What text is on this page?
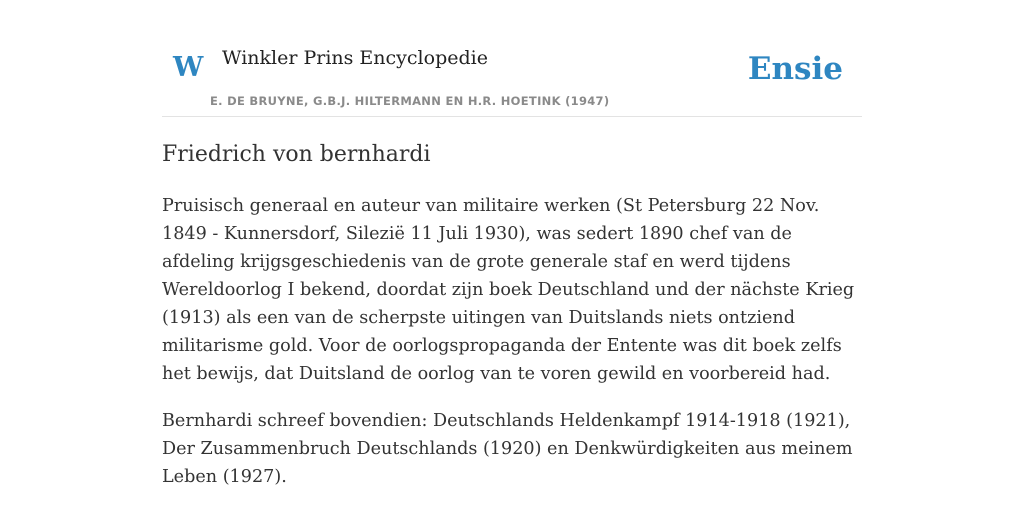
W Winkler Prins Encyclopedie
E. DE BRUYNE, G.B.J. HILTERMANN EN H.R. HOETINK (1947)
Ensie
Friedrich von bernhardi

Pruisisch generaal en auteur van militaire werken (St Petersburg 22 Nov. 1849 - Kunnersdorf, Silezië 11 Juli 1930), was sedert 1890 chef van de afdeling krijgsgeschiedenis van de grote generale staf en werd tijdens Wereldoorlog I bekend, doordat zijn boek Deutschland und der nächste Krieg (1913) als een van de scherpste uitingen van Duitslands niets ontziend militarisme gold. Voor de oorlogspropaganda der Entente was dit boek zelfs het bewijs, dat Duitsland de oorlog van te voren gewild en voorbereid had.

Bernhardi schreef bovendien: Deutschlands Heldenkampf 1914-1918 (1921), Der Zusammenbruch Deutschlands (1920) en Denkwürdigkeiten aus meinem Leben (1927).
